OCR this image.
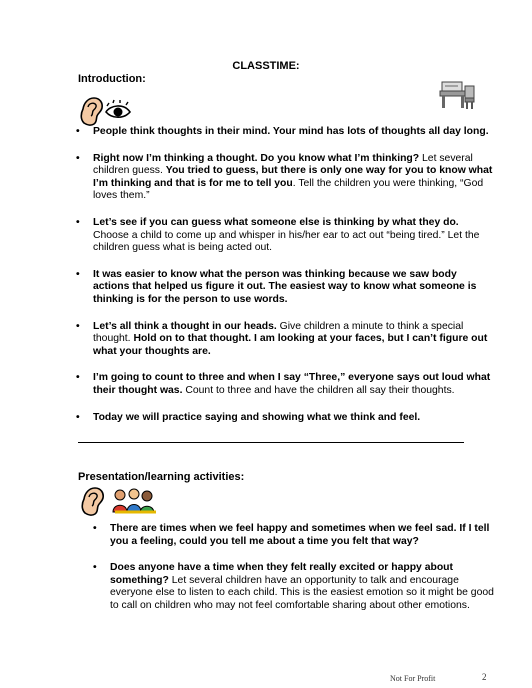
CLASSTIME:
Introduction:
• People think thoughts in their mind. Your mind has lots of thoughts all day long.
• Right now I’m thinking a thought. Do you know what I’m thinking? Let several children guess. You tried to guess, but there is only one way for you to know what I’m thinking and that is for me to tell you. Tell the children you were thinking, “God loves them.”
• Let’s see if you can guess what someone else is thinking by what they do. Choose a child to come up and whisper in his/her ear to act out “being tired.” Let the children guess what is being acted out.
• It was easier to know what the person was thinking because we saw body actions that helped us figure it out. The easiest way to know what someone is thinking is for the person to use words.
• Let’s all think a thought in our heads. Give children a minute to think a special thought. Hold on to that thought. I am looking at your faces, but I can’t figure out what your thoughts are.
• I’m going to count to three and when I say “Three,” everyone says out loud what their thought was. Count to three and have the children all say their thoughts.
• Today we will practice saying and showing what we think and feel.
Presentation/learning activities:
• There are times when we feel happy and sometimes when we feel sad. If I tell you a feeling, could you tell me about a time you felt that way?
• Does anyone have a time when they felt really excited or happy about something? Let several children have an opportunity to talk and encourage everyone else to listen to each child. This is the easiest emotion so it might be good to call on children who may not feel comfortable sharing about other emotions.
Not For Profit	2
